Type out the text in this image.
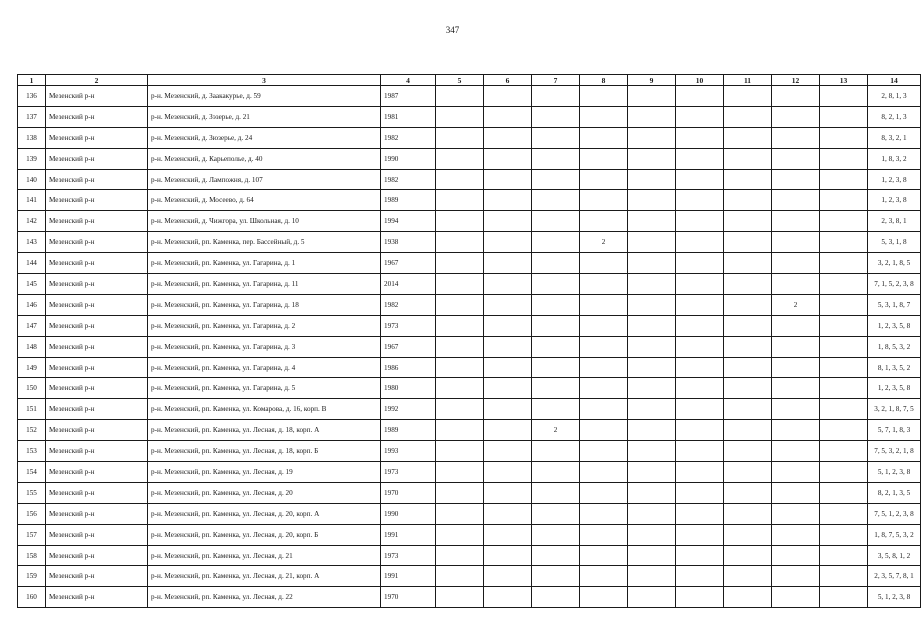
347
1	2	3	4	5	6	7	8	9	10	11	12	13	14
136	Мезенский р-н	р-н. Мезенский, д. Заакакурье, д. 59	1987										2, 8, 1, 3
137	Мезенский р-н	р-н. Мезенский, д. Зэзерье, д. 21	1981										8, 2, 1, 3
138	Мезенский р-н	р-н. Мезенский, д. Зюзерье, д. 24	1982										8, 3, 2, 1
139	Мезенский р-н	р-н. Мезенский, д. Карьеполье, д. 40	1990										1, 8, 3, 2
140	Мезенский р-н	р-н. Мезенский, д. Лампожня, д. 107	1982										1, 2, 3, 8
141	Мезенский р-н	р-н. Мезенский, д. Мосеево, д. 64	1989										1, 2, 3, 8
142	Мезенский р-н	р-н. Мезенский, д. Чижгора, ул. Школьная, д. 10	1994										2, 3, 8, 1
143	Мезенский р-н	р-н. Мезенский, рп. Каменка, пер. Бассейный, д. 5	1938				2						5, 3, 1, 8
144	Мезенский р-н	р-н. Мезенский, рп. Каменка, ул. Гагарина, д. 1	1967										3, 2, 1, 8, 5
145	Мезенский р-н	р-н. Мезенский, рп. Каменка, ул. Гагарина, д. 11	2014										7, 1, 5, 2, 3, 8
146	Мезенский р-н	р-н. Мезенский, рп. Каменка, ул. Гагарина, д. 18	1982								2		5, 3, 1, 8, 7
147	Мезенский р-н	р-н. Мезенский, рп. Каменка, ул. Гагарина, д. 2	1973										1, 2, 3, 5, 8
148	Мезенский р-н	р-н. Мезенский, рп. Каменка, ул. Гагарина, д. 3	1967										1, 8, 5, 3, 2
149	Мезенский р-н	р-н. Мезенский, рп. Каменка, ул. Гагарина, д. 4	1986										8, 1, 3, 5, 2
150	Мезенский р-н	р-н. Мезенский, рп. Каменка, ул. Гагарина, д. 5	1980										1, 2, 3, 5, 8
151	Мезенский р-н	р-н. Мезенский, рп. Каменка, ул. Комарова, д. 16, корп. В	1992										3, 2, 1, 8, 7, 5
152	Мезенский р-н	р-н. Мезенский, рп. Каменка, ул. Лесная, д. 18, корп. А	1989			2							5, 7, 1, 8, 3
153	Мезенский р-н	р-н. Мезенский, рп. Каменка, ул. Лесная, д. 18, корп. Б	1993										7, 5, 3, 2, 1, 8
154	Мезенский р-н	р-н. Мезенский, рп. Каменка, ул. Лесная, д. 19	1973										5, 1, 2, 3, 8
155	Мезенский р-н	р-н. Мезенский, рп. Каменка, ул. Лесная, д. 20	1970										8, 2, 1, 3, 5
156	Мезенский р-н	р-н. Мезенский, рп. Каменка, ул. Лесная, д. 20, корп. А	1990										7, 5, 1, 2, 3, 8
157	Мезенский р-н	р-н. Мезенский, рп. Каменка, ул. Лесная, д. 20, корп. Б	1991										1, 8, 7, 5, 3, 2
158	Мезенский р-н	р-н. Мезенский, рп. Каменка, ул. Лесная, д. 21	1973										3, 5, 8, 1, 2
159	Мезенский р-н	р-н. Мезенский, рп. Каменка, ул. Лесная, д. 21, корп. А	1991										2, 3, 5, 7, 8, 1
160	Мезенский р-н	р-н. Мезенский, рп. Каменка, ул. Лесная, д. 22	1970										5, 1, 2, 3, 8
